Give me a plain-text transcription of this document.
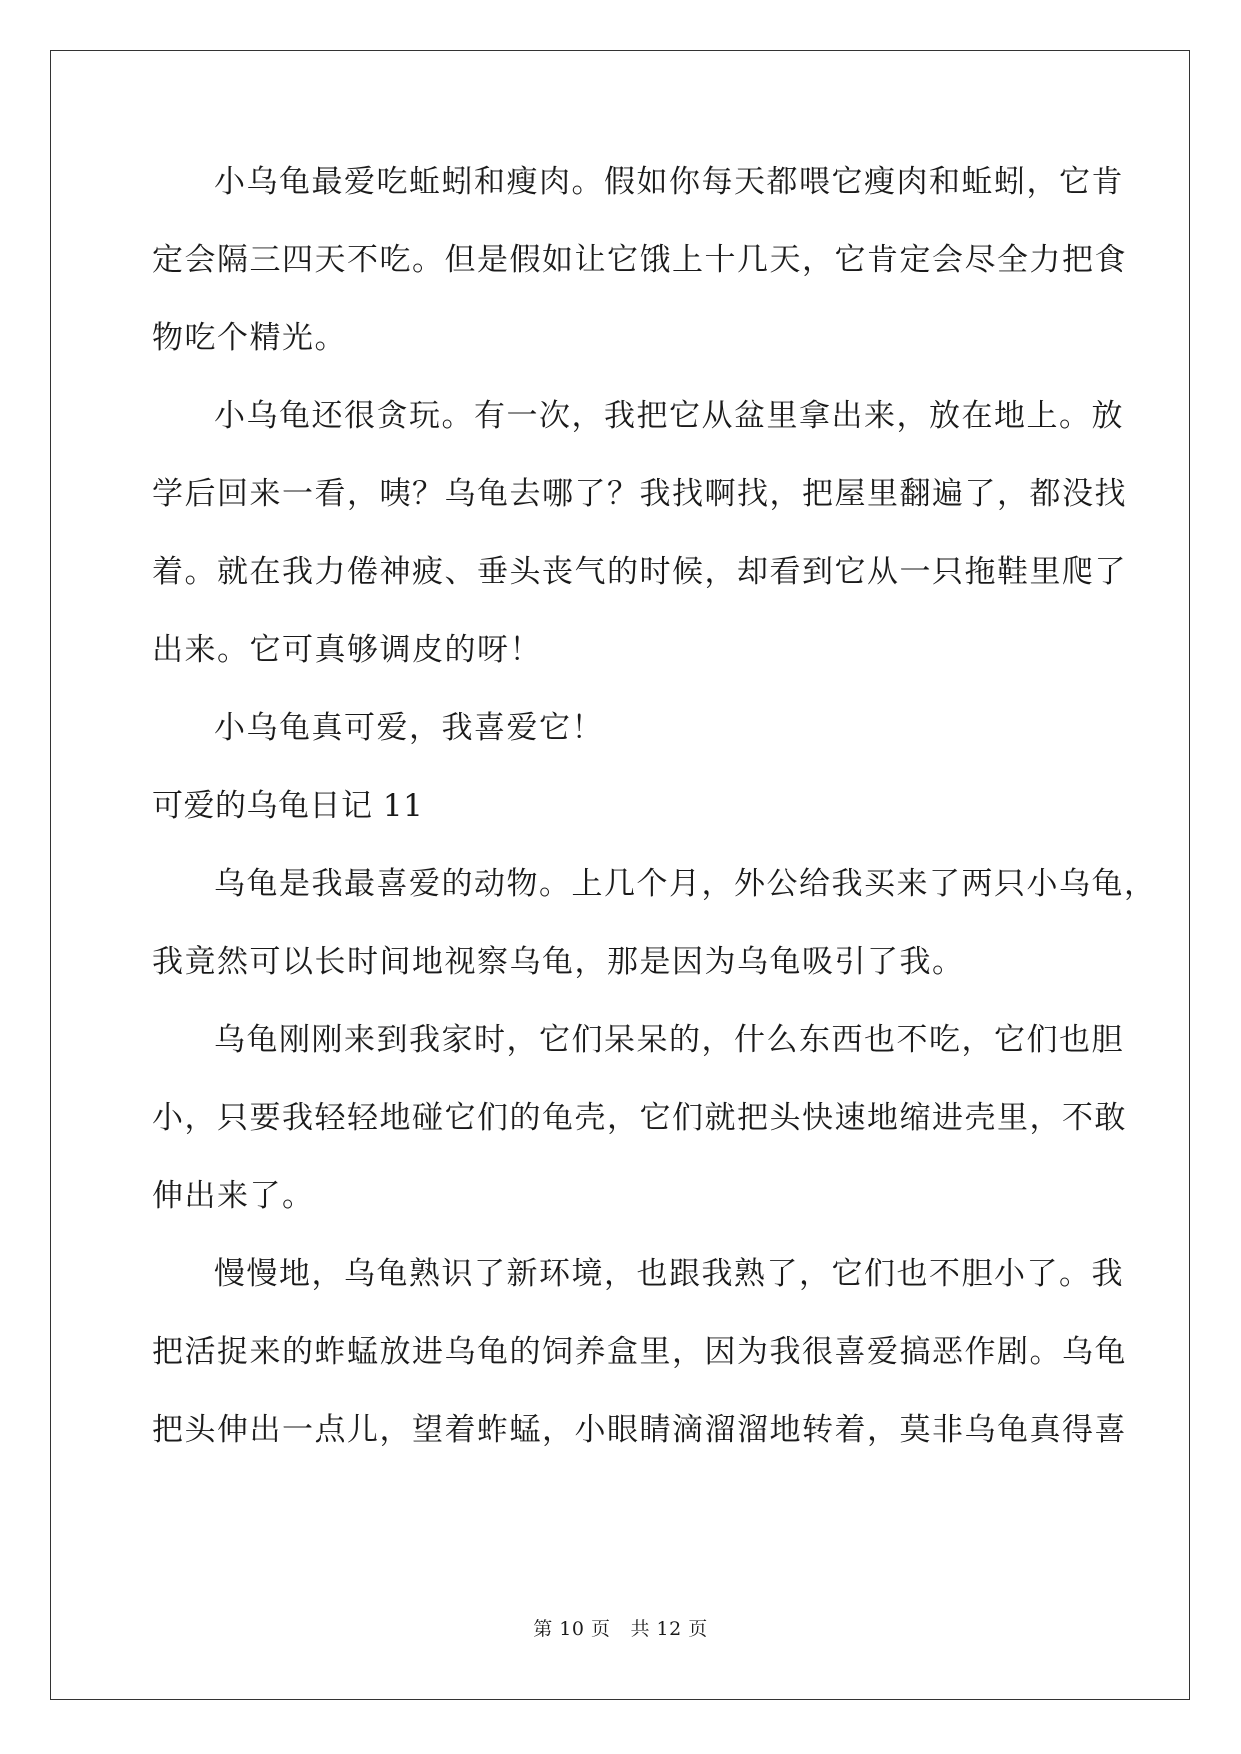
小乌龟最爱吃蚯蚓和瘦肉。假如你每天都喂它瘦肉和蚯蚓，它肯
定会隔三四天不吃。但是假如让它饿上十几天，它肯定会尽全力把食
物吃个精光。
小乌龟还很贪玩。有一次，我把它从盆里拿出来，放在地上。放
学后回来一看，咦？乌龟去哪了？我找啊找，把屋里翻遍了，都没找
着。就在我力倦神疲、垂头丧气的时候，却看到它从一只拖鞋里爬了
出来。它可真够调皮的呀！
小乌龟真可爱，我喜爱它！
可爱的乌龟日记 11
乌龟是我最喜爱的动物。上几个月，外公给我买来了两只小乌龟，
我竟然可以长时间地视察乌龟，那是因为乌龟吸引了我。
乌龟刚刚来到我家时，它们呆呆的，什么东西也不吃，它们也胆
小，只要我轻轻地碰它们的龟壳，它们就把头快速地缩进壳里，不敢
伸出来了。
慢慢地，乌龟熟识了新环境，也跟我熟了，它们也不胆小了。我
把活捉来的蚱蜢放进乌龟的饲养盒里，因为我很喜爱搞恶作剧。乌龟
把头伸出一点儿，望着蚱蜢，小眼睛滴溜溜地转着，莫非乌龟真得喜
第 10 页 共 12 页
